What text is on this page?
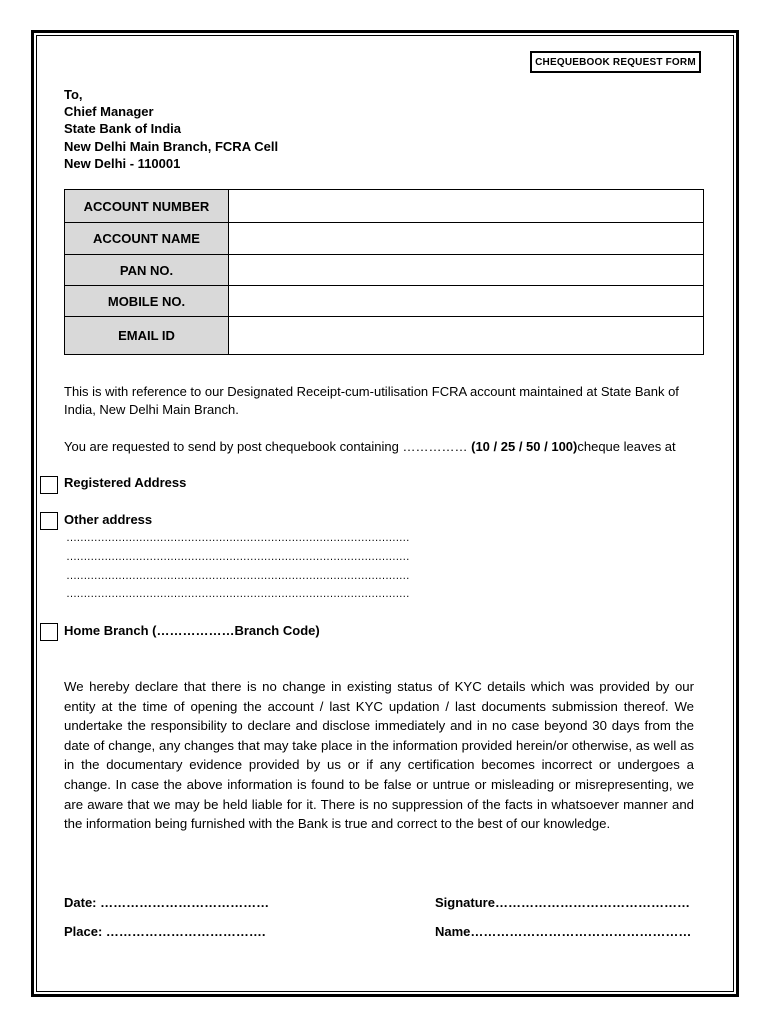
CHEQUEBOOK REQUEST FORM
To,
Chief Manager
State Bank of India
New Delhi Main Branch, FCRA Cell
New Delhi - 110001
ACCOUNT NUMBER	
ACCOUNT NAME	
PAN NO.	
MOBILE NO.	
EMAIL ID	
This is with reference to our Designated Receipt-cum-utilisation FCRA account maintained at State Bank of India, New Delhi Main Branch.
You are requested to send by post chequebook containing …………… (10 / 25 / 50 / 100)cheque leaves at
Registered Address
Other address
………………………………………………………………………………………
………………………………………………………………………………………
………………………………………………………………………………………
………………………………………………………………………………………
Home Branch (………………Branch Code)
We hereby declare that there is no change in existing status of KYC details which was provided by our entity at the time of opening the account / last KYC updation / last documents submission thereof. We undertake the responsibility to declare and disclose immediately and in no case beyond 30 days from the date of change, any changes that may take place in the information provided herein/or otherwise, as well as in the documentary evidence provided by us or if any certification becomes incorrect or undergoes a change. In case the above information is found to be false or untrue or misleading or misrepresenting, we are aware that we may be held liable for it. There is no suppression of the facts in whatsoever manner and the information being furnished with the Bank is true and correct to the best of our knowledge.
Date: …………………………………
Place: ……………………………….
Signature………………………………………
Name……………………………………………
